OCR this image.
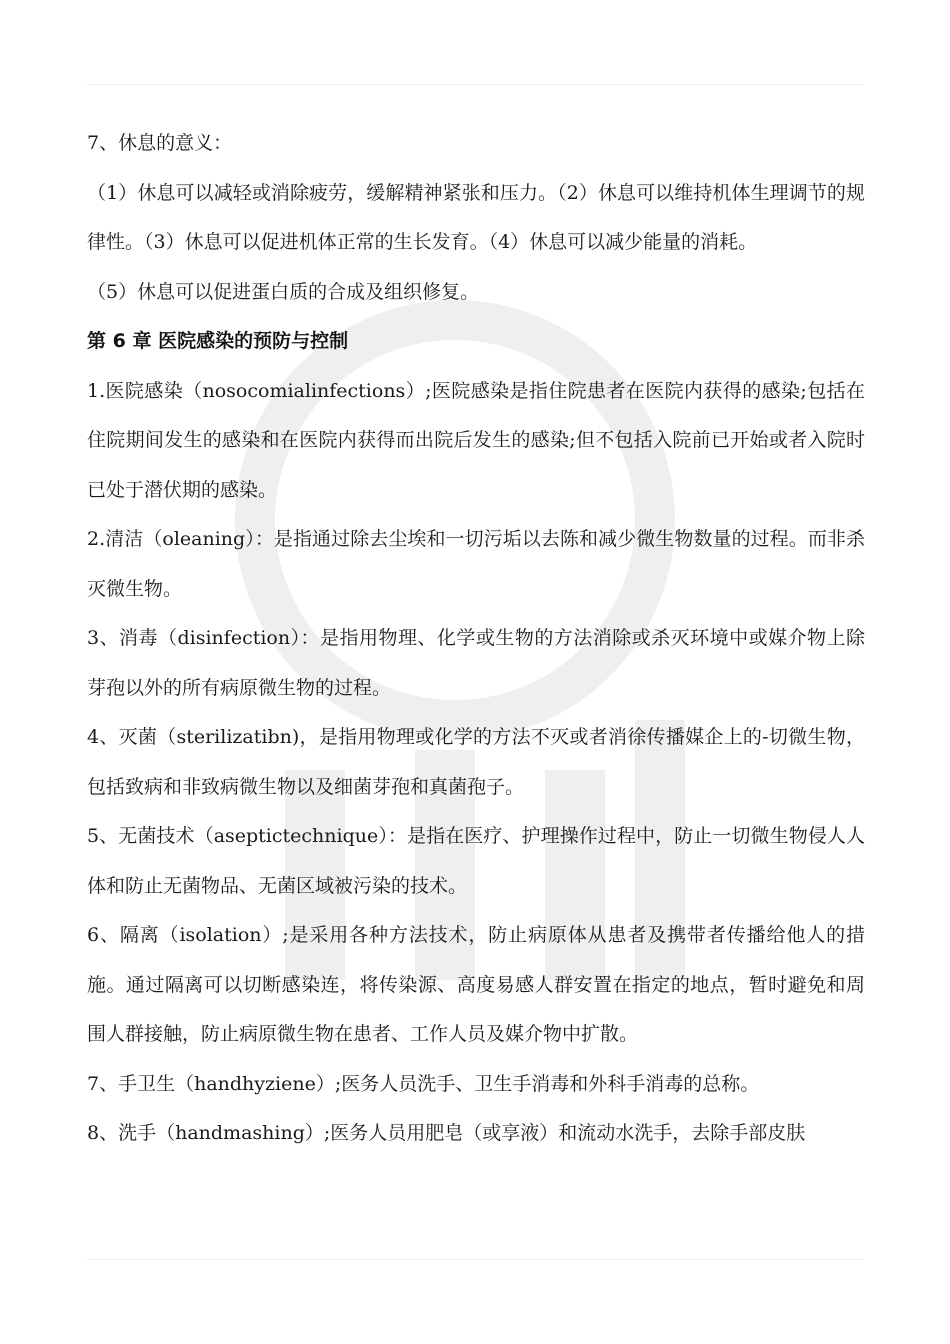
7、休息的意义：

（1）休息可以减轻或消除疲劳，缓解精神紧张和压力。（2）休息可以维持机体生理调节的规律性。（3）休息可以促进机体正常的生长发育。（4）休息可以减少能量的消耗。

（5）休息可以促进蛋白质的合成及组织修复。

第 6 章 医院感染的预防与控制

1.医院感染（nosocomialinfections）;医院感染是指住院患者在医院内获得的感染;包括在住院期间发生的感染和在医院内获得而出院后发生的感染;但不包括入院前已开始或者入院时已处于潜伏期的感染。

2.清洁（oleaning）：是指通过除去尘埃和一切污垢以去陈和减少微生物数量的过程。而非杀灭微生物。

3、消毒（disinfection）：是指用物理、化学或生物的方法消除或杀灭环境中或媒介物上除芽孢以外的所有病原微生物的过程。

4、灭菌（sterilizatibn)，是指用物理或化学的方法不灭或者消徐传播媒企上的-切微生物，包括致病和非致病微生物以及细菌芽孢和真菌孢子。

5、无菌技术（aseptictechnique）：是指在医疗、护理操作过程中，防止一切微生物侵人人体和防止无菌物品、无菌区域被污染的技术。

6、隔离（isolation）;是采用各种方法技术，防止病原体从患者及携带者传播给他人的措施。通过隔离可以切断感染连，将传染源、高度易感人群安置在指定的地点，暂时避免和周围人群接触，防止病原微生物在患者、工作人员及媒介物中扩散。

7、手卫生（handhyziene）;医务人员洗手、卫生手消毒和外科手消毒的总称。

8、洗手（handmashing）;医务人员用肥皂（或享液）和流动水洗手，去除手部皮肤
